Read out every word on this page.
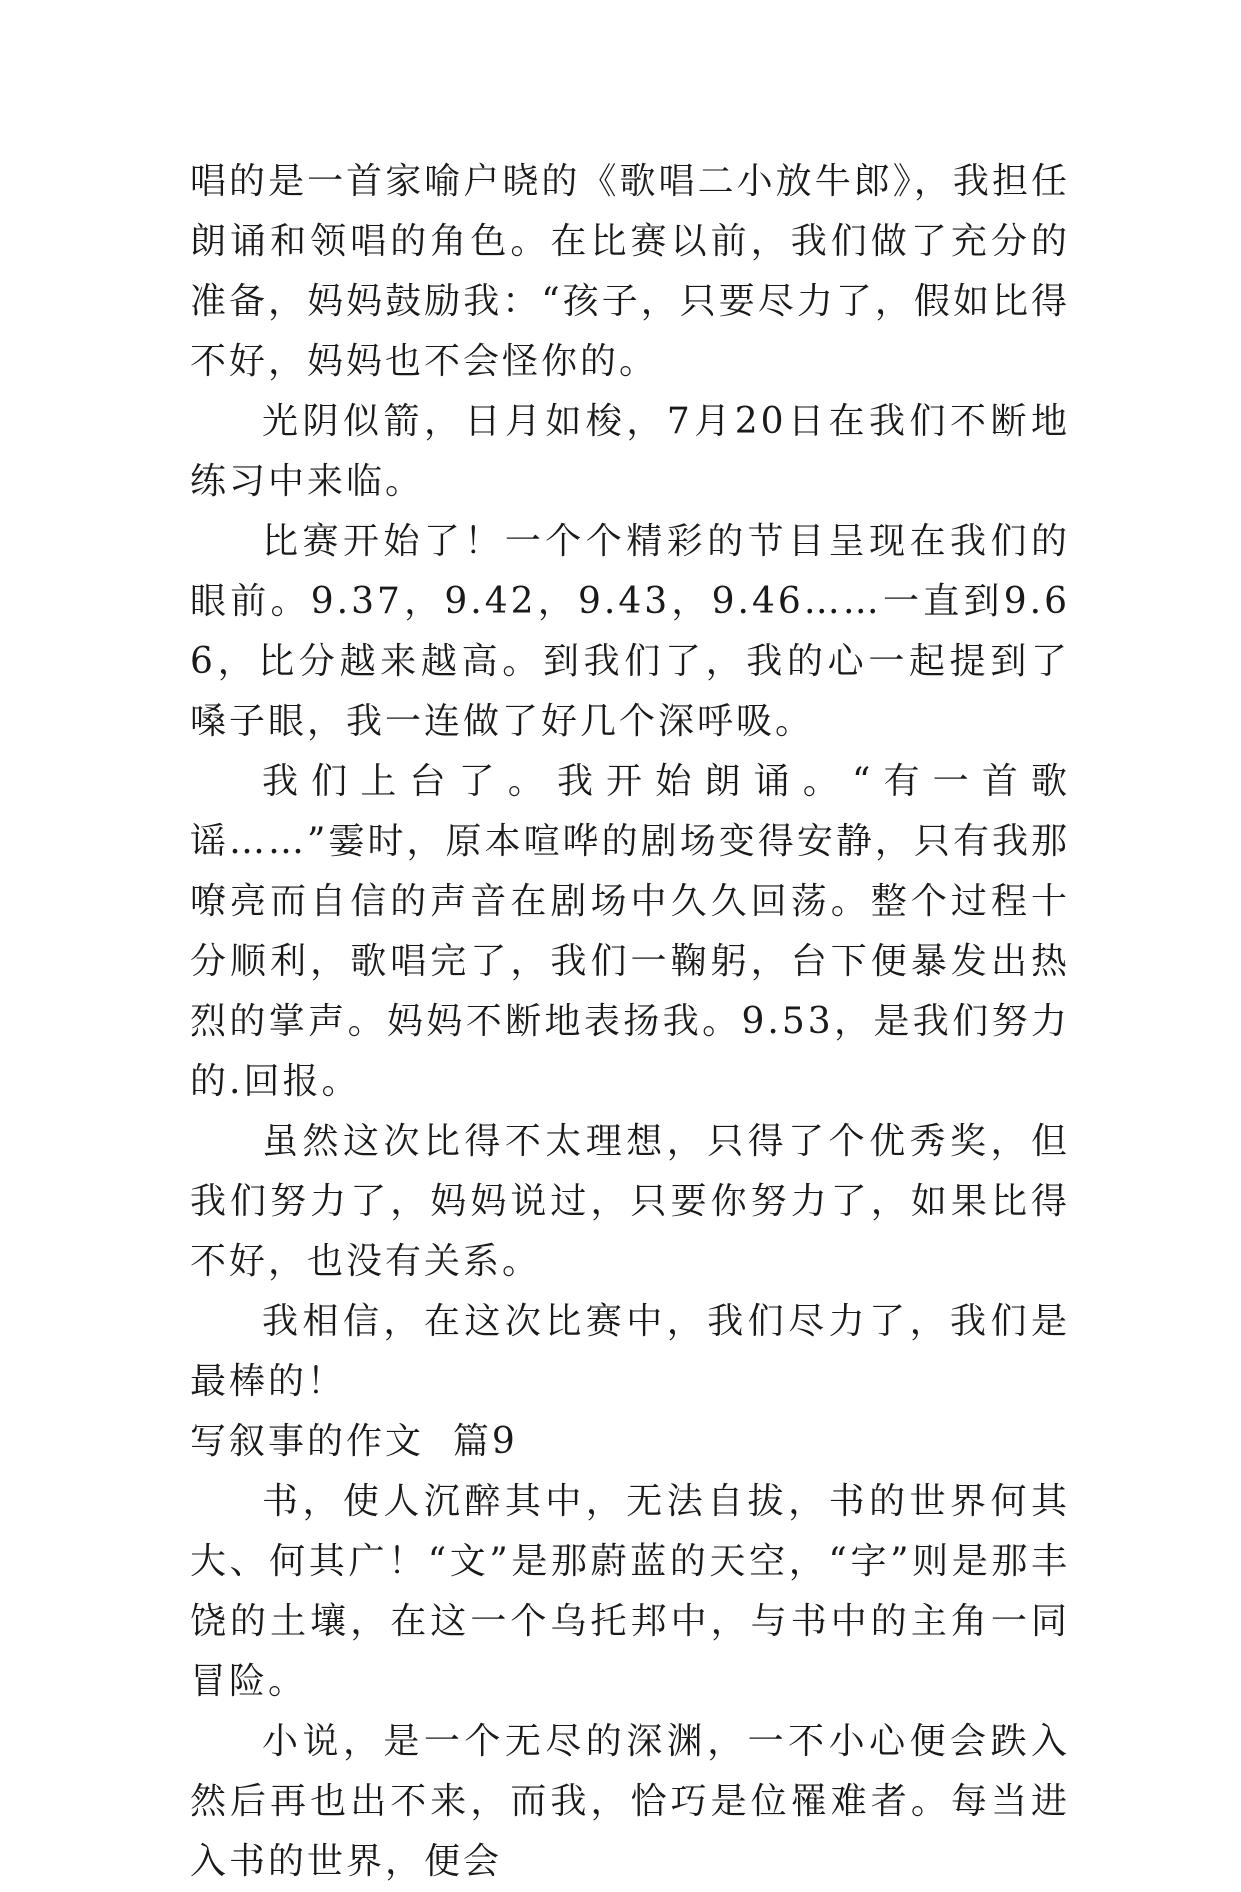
唱的是一首家喻户晓的《歌唱二小放牛郎》，我担任朗诵和领唱的角色。在比赛以前，我们做了充分的准备，妈妈鼓励我：“孩子，只要尽力了，假如比得不好，妈妈也不会怪你的。

光阴似箭，日月如梭，7月20日在我们不断地练习中来临。

比赛开始了！一个个精彩的节目呈现在我们的眼前。9.37，9.42，9.43，9.46……一直到9.66，比分越来越高。到我们了，我的心一起提到了嗓子眼，我一连做了好几个深呼吸。

我们上台了。我开始朗诵。“有一首歌谣……”霎时，原本喧哗的剧场变得安静，只有我那嘹亮而自信的声音在剧场中久久回荡。整个过程十分顺利，歌唱完了，我们一鞠躬，台下便暴发出热烈的掌声。妈妈不断地表扬我。9.53，是我们努力的.回报。

虽然这次比得不太理想，只得了个优秀奖，但我们努力了，妈妈说过，只要你努力了，如果比得不好，也没有关系。

我相信，在这次比赛中，我们尽力了，我们是最棒的！

写叙事的作文  篇9

书，使人沉醉其中，无法自拔，书的世界何其大、何其广！“文”是那蔚蓝的天空，“字”则是那丰饶的土壤，在这一个乌托邦中，与书中的主角一同冒险。

小说，是一个无尽的深渊，一不小心便会跌入然后再也出不来，而我，恰巧是位罹难者。每当进入书的世界，便会
